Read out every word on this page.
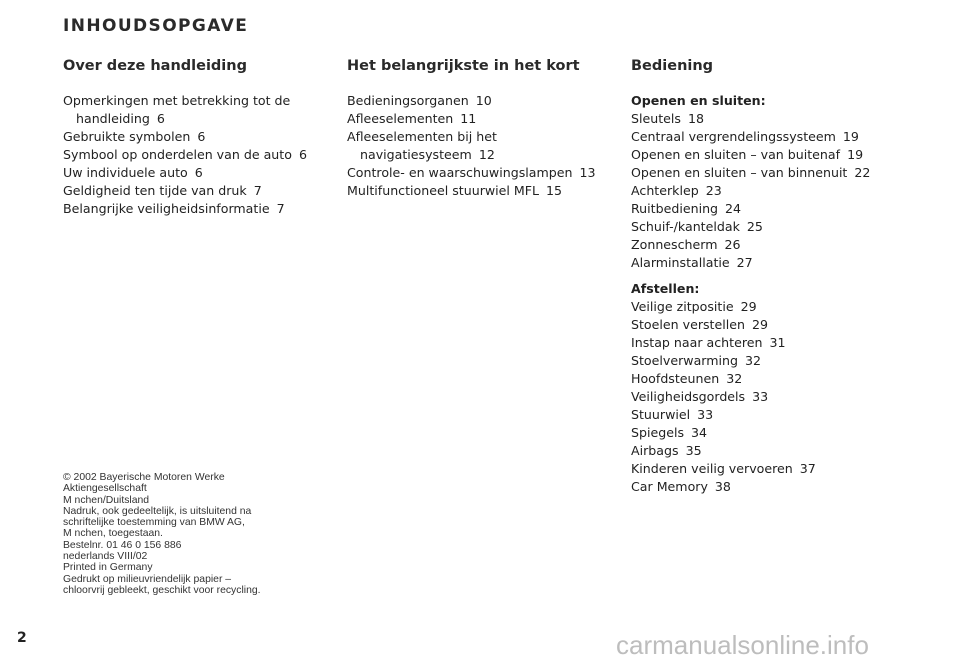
INHOUDSOPGAVE
Over deze handleiding
Opmerkingen met betrekking tot de handleiding 6
Gebruikte symbolen 6
Symbool op onderdelen van de auto 6
Uw individuele auto 6
Geldigheid ten tijde van druk 7
Belangrijke veiligheidsinformatie 7
Het belangrijkste in het kort
Bedieningsorganen 10
Afleeselementen 11
Afleeselementen bij het navigatiesysteem 12
Controle- en waarschuwingslampen 13
Multifunctioneel stuurwiel MFL 15
Bediening
Openen en sluiten:
Sleutels 18
Centraal vergrendelingssysteem 19
Openen en sluiten – van buitenaf 19
Openen en sluiten – van binnenuit 22
Achterklep 23
Ruitbediening 24
Schuif-/kanteldak 25
Zonnescherm 26
Alarminstallatie 27
Afstellen:
Veilige zitpositie 29
Stoelen verstellen 29
Instap naar achteren 31
Stoelverwarming 32
Hoofdsteunen 32
Veiligheidsgordels 33
Stuurwiel 33
Spiegels 34
Airbags 35
Kinderen veilig vervoeren 37
Car Memory 38
© 2002 Bayerische Motoren Werke
Aktiengesellschaft
M nchen/Duitsland
Nadruk, ook gedeeltelijk, is uitsluitend na
schriftelijke toestemming van BMW AG,
M nchen, toegestaan.
Bestelnr. 01 46 0 156 886
nederlands VIII/02
Printed in Germany
Gedrukt op milieuvriendelijk papier –
chloorvrij gebleekt, geschikt voor recycling.
2	carmanualsonline.info
